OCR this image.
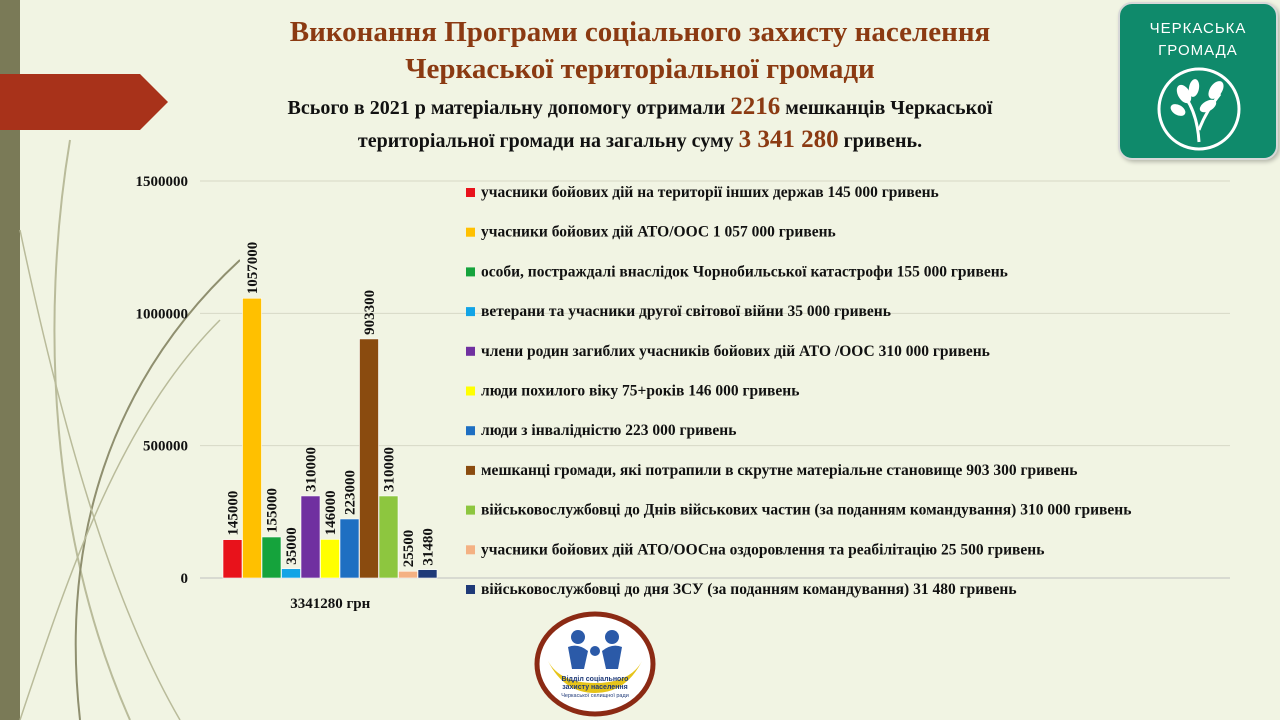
Виконання Програми соціального захисту населення
Черкаської територіальної громади
Всього в 2021 р матеріальну допомогу отримали 2216 мешканців Черкаської
територіальної громади на загальну суму 3 341 280 гривень.
ЧЕРКАСЬКА
ГРОМАДА
0
500000
1000000
1500000
145000
1057000
155000
35000
310000
146000 223000
903300
310000
25500 31480
3341280 грн
учасники бойових дій на території інших держав 145 000 гривень
учасники бойових дій АТО/ООС 1 057 000 гривень
особи, постраждалі внаслідок Чорнобильської катастрофи 155 000 гривень
ветерани та учасники другої світової війни 35 000 гривень
члени родин загиблих учасників бойових дій АТО /ООС 310 000 гривень
люди похилого віку 75+років 146 000 гривень
люди з інвалідністю 223 000 гривень
мешканці громади, які потрапили в скрутне матеріальне становище 903 300 гривень
військовослужбовці до Днів військових частин (за поданням командування) 310 000 гривень
учасники бойових дій АТО/ООСна оздоровлення та реабілітацію 25 500 гривень
військовослужбовці до дня ЗСУ (за поданням командування) 31 480 гривень
Відділ соціального
захисту населення
Черкаської селищної ради
